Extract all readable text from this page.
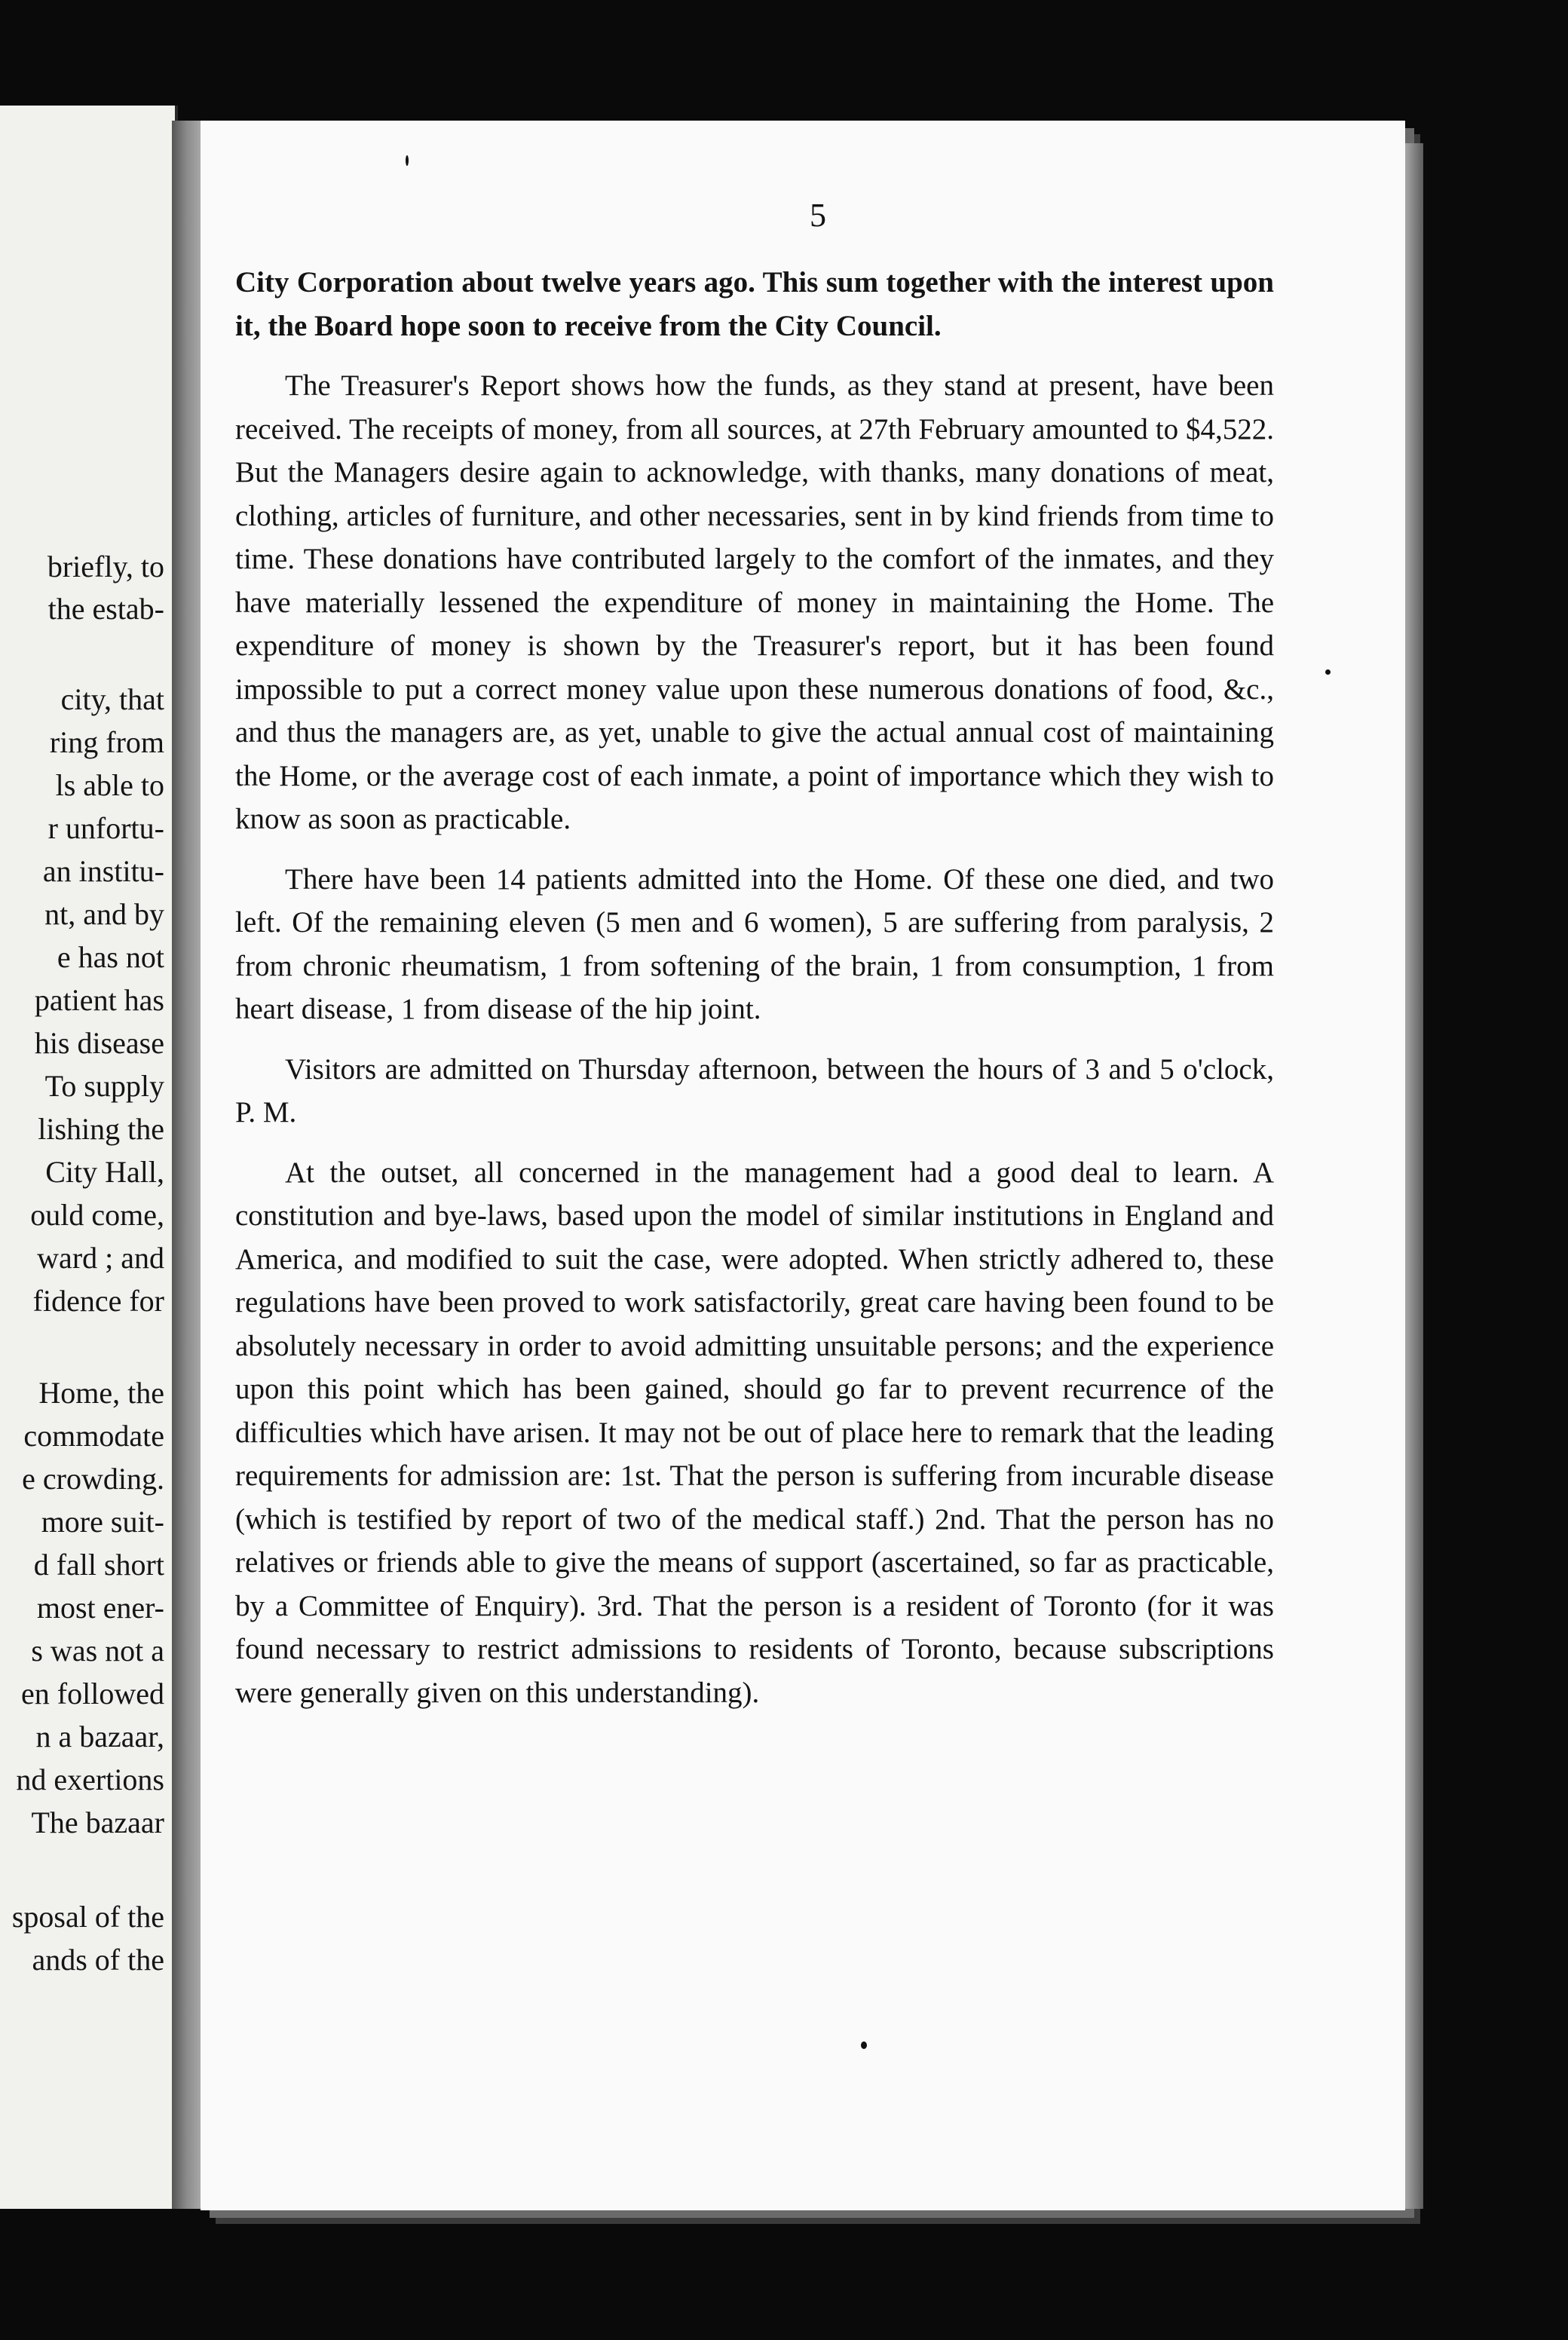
briefly, to
the estab-
city, that
ring from
ls able to
r unfortu-
an institu-
nt, and by
e has not
patient has
his disease
To supply
lishing the
City Hall,
ould come,
ward ; and
fidence for
Home, the
commodate
e crowding.
more suit-
d fall short
most ener-
s was not a
en followed
n a bazaar,
nd exertions
The bazaar
sposal of the
ands of the
5

City Corporation about twelve years ago. This sum together with the interest upon it, the Board hope soon to receive from the City Council.

The Treasurer's Report shows how the funds, as they stand at present, have been received. The receipts of money, from all sources, at 27th February amounted to $4,522. But the Managers desire again to acknowledge, with thanks, many donations of meat, clothing, articles of furniture, and other necessaries, sent in by kind friends from time to time. These donations have contributed largely to the comfort of the inmates, and they have materially lessened the expenditure of money in maintaining the Home. The expenditure of money is shown by the Treasurer's report, but it has been found impossible to put a correct money value upon these numerous donations of food, &c., and thus the managers are, as yet, unable to give the actual annual cost of maintaining the Home, or the average cost of each inmate, a point of importance which they wish to know as soon as practicable.

There have been 14 patients admitted into the Home. Of these one died, and two left. Of the remaining eleven (5 men and 6 women), 5 are suffering from paralysis, 2 from chronic rheumatism, 1 from softening of the brain, 1 from consumption, 1 from heart disease, 1 from disease of the hip joint.

Visitors are admitted on Thursday afternoon, between the hours of 3 and 5 o'clock, P. M.

At the outset, all concerned in the management had a good deal to learn. A constitution and bye-laws, based upon the model of similar institutions in England and America, and modified to suit the case, were adopted. When strictly adhered to, these regulations have been proved to work satisfactorily, great care having been found to be absolutely necessary in order to avoid admitting unsuitable persons; and the experience upon this point which has been gained, should go far to prevent recurrence of the difficulties which have arisen. It may not be out of place here to remark that the leading requirements for admission are: 1st. That the person is suffering from incurable disease (which is testified by report of two of the medical staff.) 2nd. That the person has no relatives or friends able to give the means of support (ascertained, so far as practicable, by a Committee of Enquiry). 3rd. That the person is a resident of Toronto (for it was found necessary to restrict admissions to residents of Toronto, because subscriptions were generally given on this understanding).
